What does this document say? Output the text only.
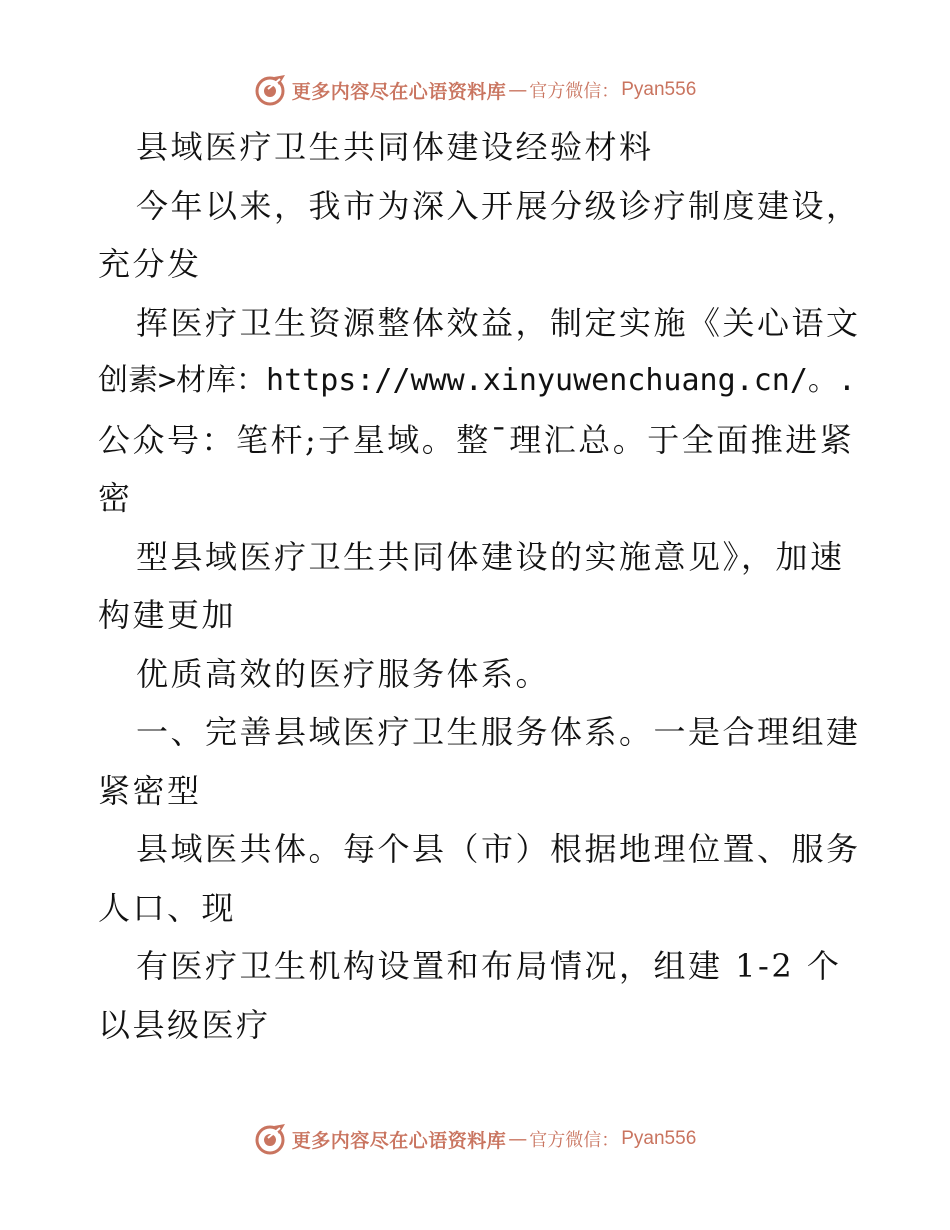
更多内容尽在心语资料库 — 官方微信： Pyan556
县域医疗卫生共同体建设经验材料
今年以来，我市为深入开展分级诊疗制度建设，
充分发
挥医疗卫生资源整体效益，制定实施《关心语文
创素>材库：https://www.xinyuwenchuang.cn/。.
公众号：笔杆;子星域。整¯理汇总。于全面推进紧
密
型县域医疗卫生共同体建设的实施意见》，加速
构建更加
优质高效的医疗服务体系。
一、完善县域医疗卫生服务体系。一是合理组建
紧密型
县域医共体。每个县（市）根据地理位置、服务
人口、现
有医疗卫生机构设置和布局情况，组建 1-2 个
以县级医疗
更多内容尽在心语资料库 — 官方微信： Pyan556
